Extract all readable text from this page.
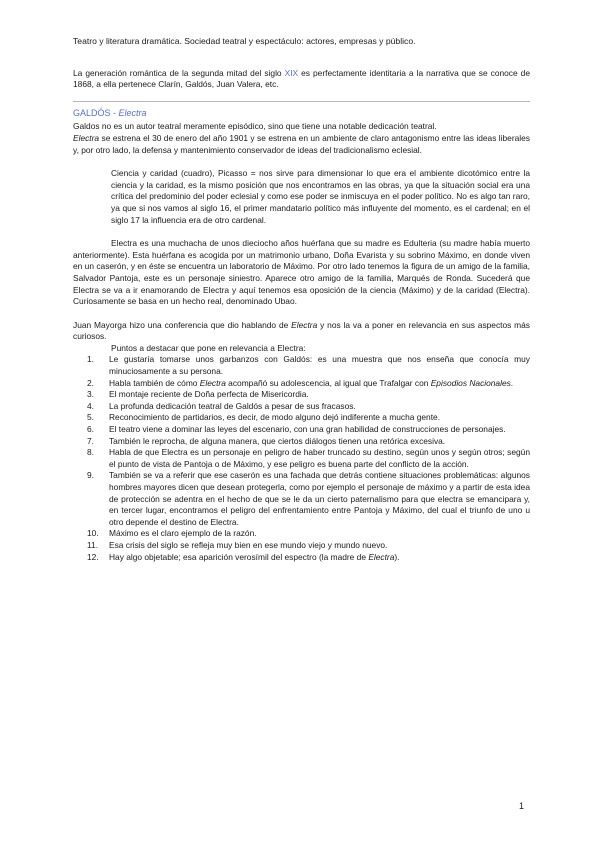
Teatro y literatura dramática. Sociedad teatral y espectáculo: actores, empresas y público.
La generación romántica de la segunda mitad del siglo XIX es perfectamente identitaria a la narrativa que se conoce de 1868, a ella pertenece Clarín, Galdós, Juan Valera, etc.
GALDÓS - Electra
Galdos no es un autor teatral meramente episódico, sino que tiene una notable dedicación teatral.
Electra se estrena el 30 de enero del año 1901 y se estrena en un ambiente de claro antagonismo entre las ideas liberales y, por otro lado, la defensa y mantenimiento conservador de ideas del tradicionalismo eclesial.
Ciencia y caridad (cuadro), Picasso = nos sirve para dimensionar lo que era el ambiente dicotómico entre la ciencia y la caridad, es la mismo posición que nos encontramos en las obras, ya que la situación social era una crítica del predominio del poder eclesial y como ese poder se inmiscuya en el poder político. No es algo tan raro, ya que si nos vamos al siglo 16, el primer mandatario político más influyente del momento, es el cardenal; en el siglo 17 la influencia era de otro cardenal.
Electra es una muchacha de unos dieciocho años huérfana que su madre es Edulteria (su madre había muerto anteriormente). Esta huérfana es acogida por un matrimonio urbano, Doña Evarista y su sobrino Máximo, en donde viven en un caserón, y en éste se encuentra un laboratorio de Máximo. Por otro lado tenemos la figura de un amigo de la familia, Salvador Pantoja, este es un personaje siniestro. Aparece otro amigo de la familia, Marqués de Ronda. Sucederá que Electra se va a ir enamorando de Electra y aquí tenemos esa oposición de la ciencia (Máximo) y de la caridad (Electra). Curiosamente se basa en un hecho real, denominado Ubao.
Juan Mayorga hizo una conferencia que dio hablando de Electra y nos la va a poner en relevancia en sus aspectos más curiosos.
Puntos a destacar que pone en relevancia a Electra:
1. Le gustaría tomarse unos garbanzos con Galdós: es una muestra que nos enseña que conocía muy minuciosamente a su persona.
2. Habla también de cómo Electra acompañó su adolescencia, al igual que Trafalgar con Episodios Nacionales.
3. El montaje reciente de Doña perfecta de Misericordia.
4. La profunda dedicación teatral de Galdós a pesar de sus fracasos.
5. Reconocimiento de partidarios, es decir, de modo alguno dejó indiferente a mucha gente.
6. El teatro viene a dominar las leyes del escenario, con una gran habilidad de construcciones de personajes.
7. También le reprocha, de alguna manera, que ciertos diálogos tienen una retórica excesiva.
8. Habla de que Electra es un personaje en peligro de haber truncado su destino, según unos y según otros; según el punto de vista de Pantoja o de Máximo, y ese peligro es buena parte del conflicto de la acción.
9. También se va a referir que ese caserón es una fachada que detrás contiene situaciones problemáticas: algunos hombres mayores dicen que desean protegerla, como por ejemplo el personaje de máximo y a partir de esta idea de protección se adentra en el hecho de que se le da un cierto paternalismo para que electra se emancipara y, en tercer lugar, encontramos el peligro del enfrentamiento entre Pantoja y Máximo, del cual el triunfo de uno u otro depende el destino de Electra.
10. Máximo es el claro ejemplo de la razón.
11. Esa crisis del siglo se refleja muy bien en ese mundo viejo y mundo nuevo.
12. Hay algo objetable; esa aparición verosímil del espectro (la madre de Electra).
1
